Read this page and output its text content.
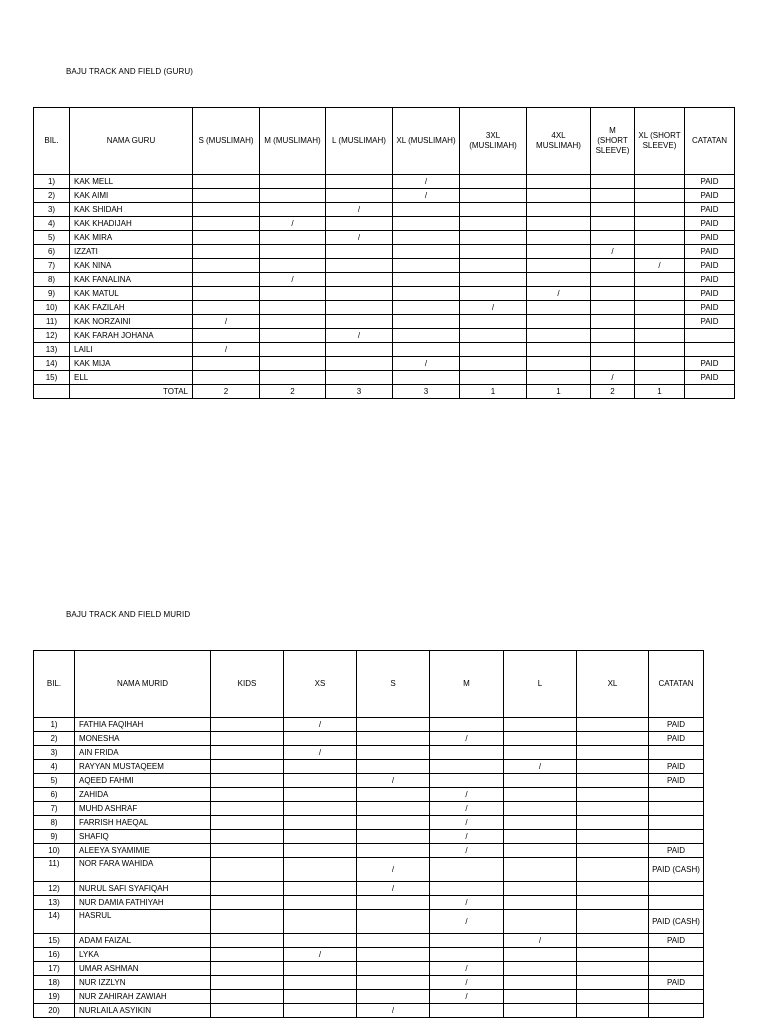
BAJU TRACK AND FIELD (GURU)
BIL.	NAMA GURU	S (MUSLIMAH)	M (MUSLIMAH)	L (MUSLIMAH)	XL (MUSLIMAH)	3XL (MUSLIMAH)	4XL MUSLIMAH)	M (SHORT SLEEVE)	XL (SHORT SLEEVE)	CATATAN
1)	KAK MELL				/					PAID
2)	KAK AIMI				/					PAID
3)	KAK SHIDAH			/						PAID
4)	KAK KHADIJAH		/							PAID
5)	KAK MIRA			/						PAID
6)	IZZATI							/		PAID
7)	KAK NINA								/	PAID
8)	KAK FANALINA		/							PAID
9)	KAK MATUL						/			PAID
10)	KAK FAZILAH					/				PAID
11)	KAK NORZAINI	/								PAID
12)	KAK FARAH JOHANA			/						
13)	LAILI	/								
14)	KAK MIJA				/					PAID
15)	ELL							/		PAID
	TOTAL	2	2	3	3	1	1	2	1	
BAJU TRACK AND FIELD MURID
BIL.	NAMA MURID	KIDS	XS	S	M	L	XL	CATATAN
1)	FATHIA FAQIHAH		/					PAID
2)	MONESHA				/			PAID
3)	AIN FRIDA		/					
4)	RAYYAN MUSTAQEEM					/		PAID
5)	AQEED FAHMI			/				PAID
6)	ZAHIDA				/			
7)	MUHD ASHRAF				/			
8)	FARRISH HAEQAL				/			
9)	SHAFIQ				/			
10)	ALEEYA SYAMIMIE				/			PAID
11)	NOR FARA WAHIDA			/				PAID (CASH)
12)	NURUL SAFI SYAFIQAH			/				
13)	NUR DAMIA FATHIYAH				/			
14)	HASRUL				/			PAID (CASH)
15)	ADAM FAIZAL					/		PAID
16)	LYKA		/					
17)	UMAR ASHMAN				/			
18)	NUR IZZLYN				/			PAID
19)	NUR ZAHIRAH ZAWIAH				/			
20)	NURLAILA ASYIKIN			/				
